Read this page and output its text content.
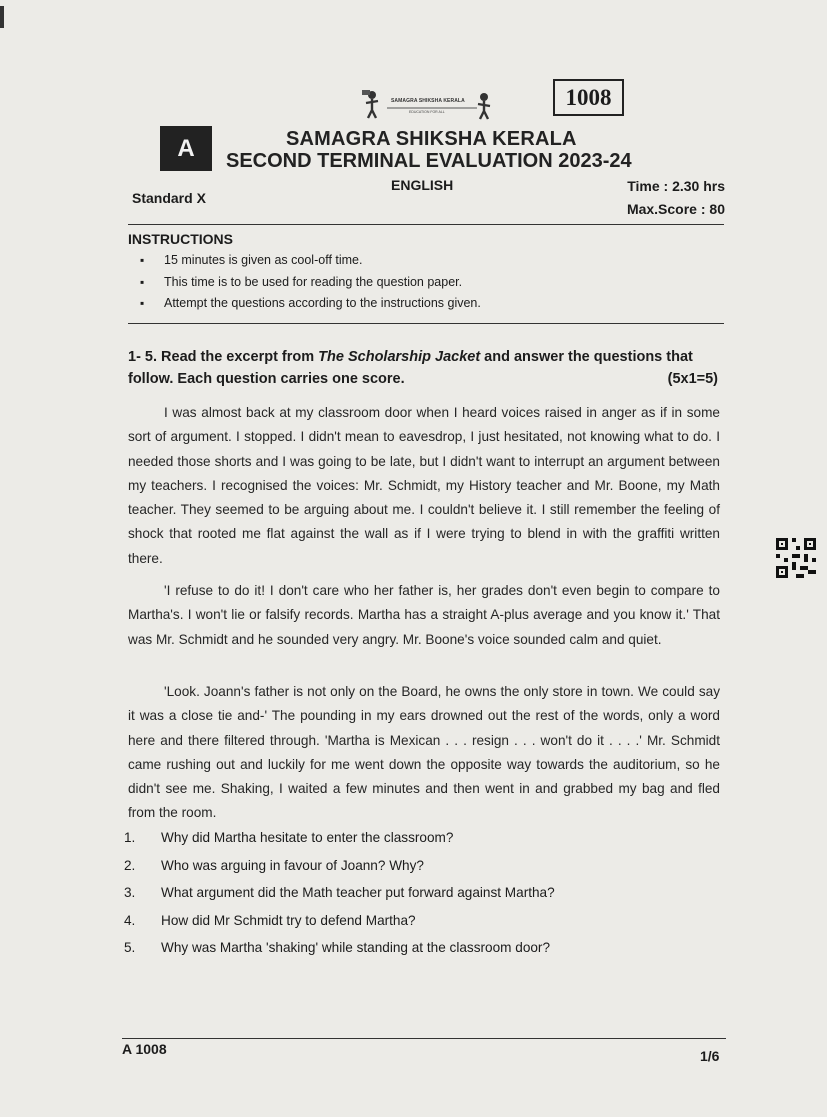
SAMAGRA SHIKSHA KERALA
EDUCATION FOR ALL
1008
A	SAMAGRA SHIKSHA KERALA
SECOND TERMINAL EVALUATION 2023-24
ENGLISH
Standard X
Time : 2.30 hrs
Max.Score : 80
INSTRUCTIONS
▪ 15 minutes is given as cool-off time.
▪ This time is to be used for reading the question paper.
▪ Attempt the questions according to the instructions given.
1- 5. Read the excerpt from The Scholarship Jacket and answer the questions that follow. Each question carries one score.	(5x1=5)

I was almost back at my classroom door when I heard voices raised in anger as if in some sort of argument. I stopped. I didn't mean to eavesdrop, I just hesitated, not knowing what to do. I needed those shorts and I was going to be late, but I didn't want to interrupt an argument between my teachers. I recognised the voices: Mr. Schmidt, my History teacher and Mr. Boone, my Math teacher. They seemed to be arguing about me. I couldn't believe it. I still remember the feeling of shock that rooted me flat against the wall as if I were trying to blend in with the graffiti written there.

'I refuse to do it! I don't care who her father is, her grades don't even begin to compare to Martha's. I won't lie or falsify records. Martha has a straight A-plus average and you know it.' That was Mr. Schmidt and he sounded very angry. Mr. Boone's voice sounded calm and quiet.

'Look. Joann's father is not only on the Board, he owns the only store in town. We could say it was a close tie and-' The pounding in my ears drowned out the rest of the words, only a word here and there filtered through. 'Martha is Mexican . . . resign . . . won't do it . . . .' Mr. Schmidt came rushing out and luckily for me went down the opposite way towards the auditorium, so he didn't see me. Shaking, I waited a few minutes and then went in and grabbed my bag and fled from the room.

1.	Why did Martha hesitate to enter the classroom?
2.	Who was arguing in favour of Joann? Why?
3.	What argument did the Math teacher put forward against Martha?
4.	How did Mr Schmidt try to defend Martha?
5.	Why was Martha 'shaking' while standing at the classroom door?
A 1008	1/6
